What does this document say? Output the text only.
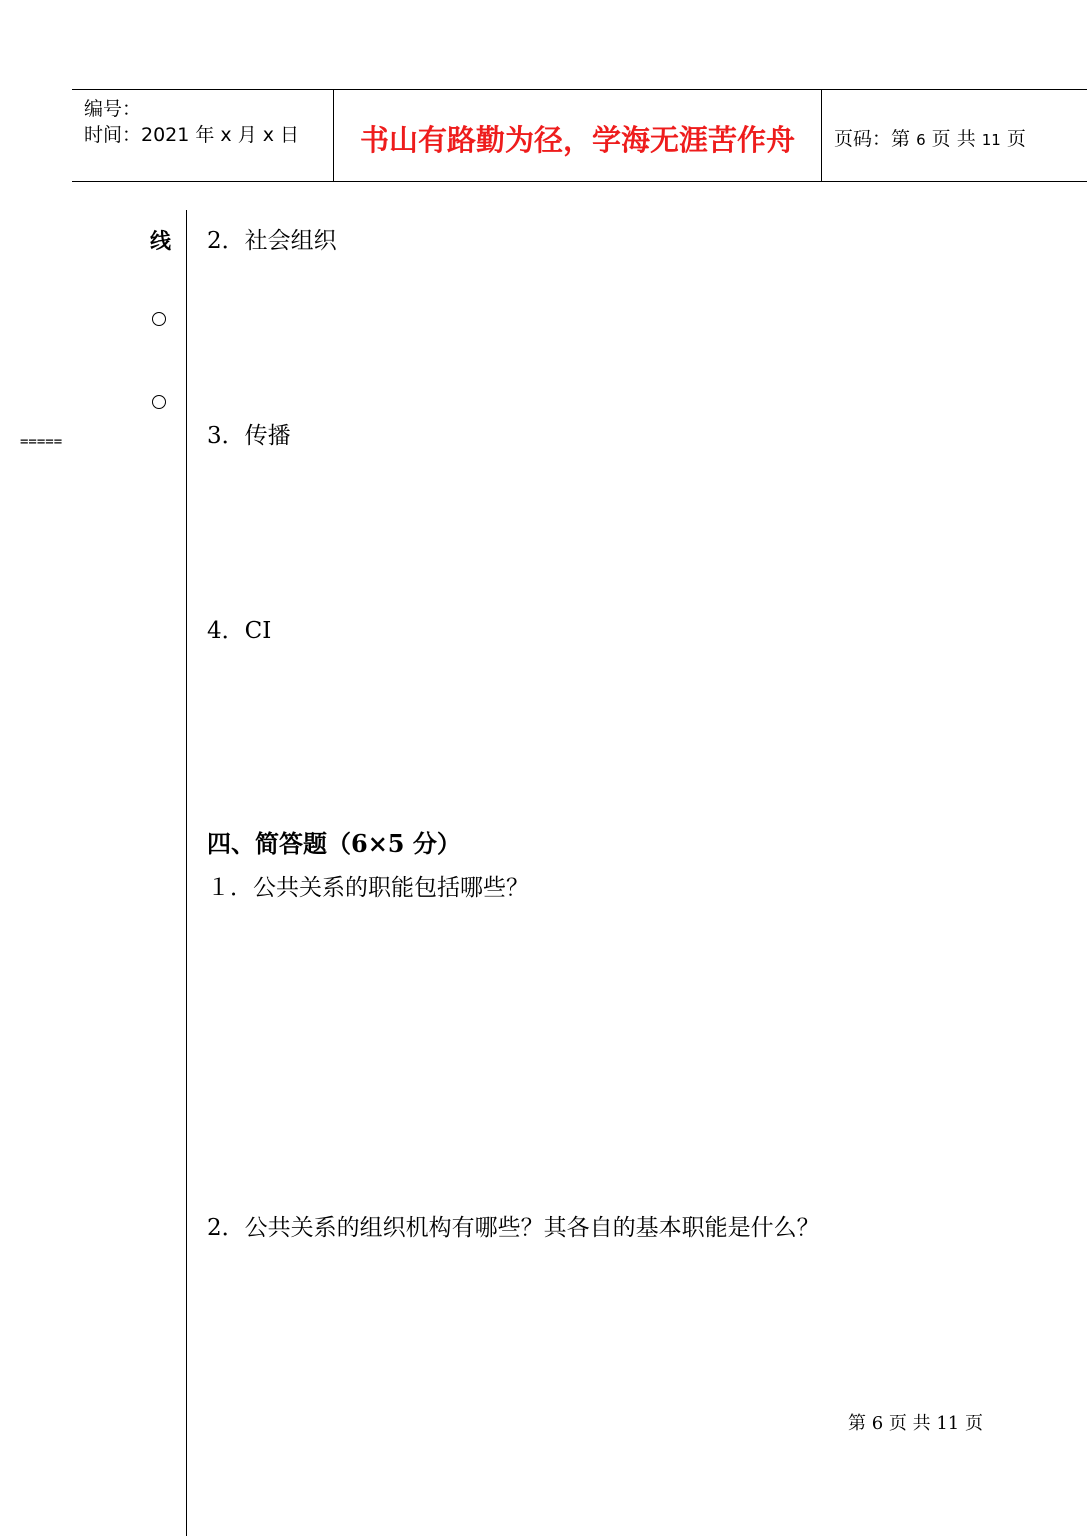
编号：
时间：2021 年 x 月 x 日	书山有路勤为径，学海无涯苦作舟	页码：第 6 页 共 11 页
线
=====
2．社会组织
3．传播
4．CI
四、简答题（6×5 分）
１．公共关系的职能包括哪些？
2．公共关系的组织机构有哪些？其各自的基本职能是什么？
第 6 页 共 11 页
